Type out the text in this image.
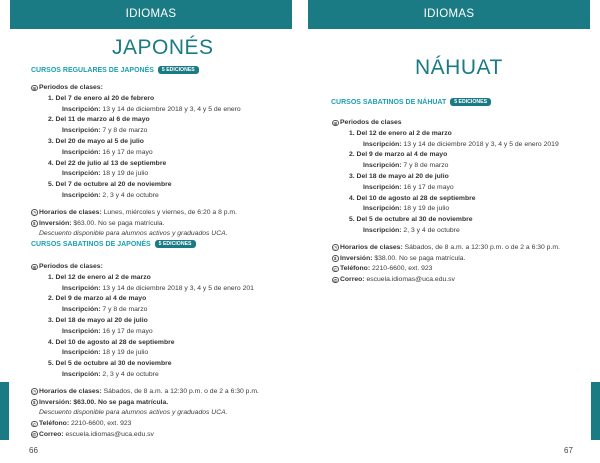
IDIOMAS
JAPONÉS
CURSOS REGULARES DE JAPONÉS 5 EDICIONES
⊞ Periodos de clases:
1. Del 7 de enero al 20 de febrero
Inscripción: 13 y 14 de diciembre 2018 y 3, 4 y 5 de enero
2. Del 11 de marzo al 6 de mayo
Inscripción: 7 y 8 de marzo
3. Del 20 de mayo al 5 de julio
Inscripción: 16 y 17 de mayo
4. Del 22 de julio al 13 de septiembre
Inscripción: 18 y 19 de julio
5. Del 7 de octubre al 20 de noviembre
Inscripción: 2, 3 y 4 de octubre
◷ Horarios de clases: Lunes, miércoles y viernes, de 6:20 a 8 p.m.
$ Inversión: $63.00. No se paga matrícula.
Descuento disponible para alumnos activos y graduados UCA.
CURSOS SABATINOS DE JAPONÉS 5 EDICIONES
⊞ Periodos de clases:
1. Del 12 de enero al 2 de marzo
Inscripción: 13 y 14 de diciembre 2018 y 3, 4 y 5 de enero 201
2. Del 9 de marzo al 4 de mayo
Inscripción: 7 y 8 de marzo
3. Del 18 de mayo al 20 de julio
Inscripción: 16 y 17 de mayo
4. Del 10 de agosto al 28 de septiembre
Inscripción: 18 y 19 de julio
5. Del 5 de octubre al 30 de noviembre
Inscripción: 2, 3 y 4 de octubre
◷ Horarios de clases: Sábados, de 8 a.m. a 12:30 p.m. o de 2 a 6:30 p.m.
$ Inversión: $63.00. No se paga matrícula.
Descuento disponible para alumnos activos y graduados UCA.
✆ Teléfono: 2210-6600, ext. 923
@ Correo: escuela.idiomas@uca.edu.sv
66
IDIOMAS
NÁHUAT
CURSOS SABATINOS DE NÁHUAT 5 EDICIONES
⊞ Periodos de clases
1. Del 12 de enero al 2 de marzo
Inscripción: 13 y 14 de diciembre 2018 y 3, 4 y 5 de enero 2019
2. Del 9 de marzo al 4 de mayo
Inscripción: 7 y 8 de marzo
3. Del 18 de mayo al 20 de julio
Inscripción: 16 y 17 de mayo
4. Del 10 de agosto al 28 de septiembre
Inscripción: 18 y 19 de julio
5. Del 5 de octubre al 30 de noviembre
Inscripción: 2, 3 y 4 de octubre
◷ Horarios de clases: Sábados, de 8 a.m. a 12:30 p.m. o de 2 a 6:30 p.m.
$ Inversión: $38.00. No se paga matrícula.
✆ Teléfono: 2210-6600, ext. 923
@ Correo: escuela.idiomas@uca.edu.sv
67
